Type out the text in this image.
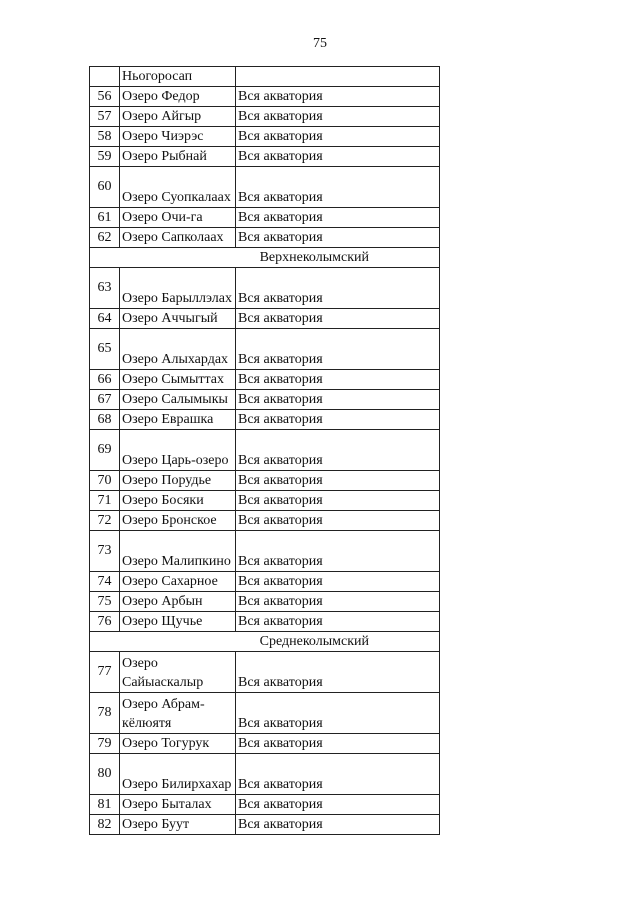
75
	Ньогоросап	
56	Озеро Федор	Вся акватория
57	Озеро Айгыр	Вся акватория
58	Озеро Чиэрэс	Вся акватория
59	Озеро Рыбнай	Вся акватория
60	Озеро Суопкалаах	Вся акватория
61	Озеро Очи-га	Вся акватория
62	Озеро Сапколаах	Вся акватория
Верхнеколымский		
63	Озеро Барыллэлах	Вся акватория
64	Озеро Аччыгый	Вся акватория
65	Озеро Алыхардах	Вся акватория
66	Озеро Сымыттах	Вся акватория
67	Озеро Салымыкы	Вся акватория
68	Озеро Еврашка	Вся акватория
69	Озеро Царь-озеро	Вся акватория
70	Озеро Порудье	Вся акватория
71	Озеро Босяки	Вся акватория
72	Озеро Бронское	Вся акватория
73	Озеро Малипкино	Вся акватория
74	Озеро Сахарное	Вся акватория
75	Озеро Арбын	Вся акватория
76	Озеро Щучье	Вся акватория
Среднеколымский		
77	Озеро Сайыаскалыр	Вся акватория
78	Озеро Абрам-кёлюятя	Вся акватория
79	Озеро Тогурук	Вся акватория
80	Озеро Билирхахар	Вся акватория
81	Озеро Быталах	Вся акватория
82	Озеро Буут	Вся акватория
